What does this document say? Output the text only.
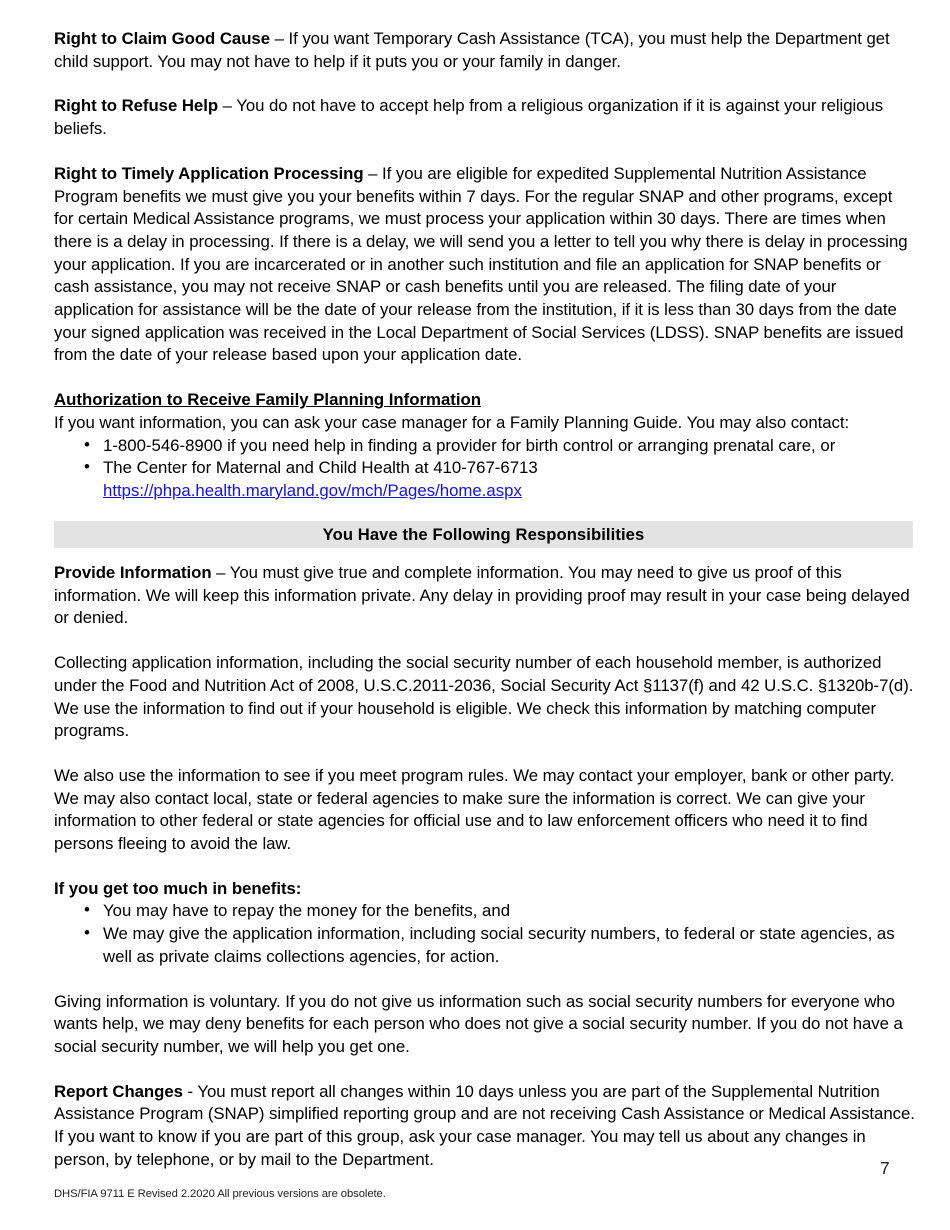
Right to Claim Good Cause – If you want Temporary Cash Assistance (TCA), you must help the Department get child support. You may not have to help if it puts you or your family in danger.

Right to Refuse Help – You do not have to accept help from a religious organization if it is against your religious beliefs.

Right to Timely Application Processing – If you are eligible for expedited Supplemental Nutrition Assistance Program benefits we must give you your benefits within 7 days. For the regular SNAP and other programs, except for certain Medical Assistance programs, we must process your application within 30 days. There are times when there is a delay in processing. If there is a delay, we will send you a letter to tell you why there is delay in processing your application. If you are incarcerated or in another such institution and file an application for SNAP benefits or cash assistance, you may not receive SNAP or cash benefits until you are released. The filing date of your application for assistance will be the date of your release from the institution, if it is less than 30 days from the date your signed application was received in the Local Department of Social Services (LDSS). SNAP benefits are issued from the date of your release based upon your application date.

Authorization to Receive Family Planning Information

If you want information, you can ask your case manager for a Family Planning Guide. You may also contact:

• 1-800-546-8900 if you need help in finding a provider for birth control or arranging prenatal care, or
• The Center for Maternal and Child Health at 410-767-6713
https://phpa.health.maryland.gov/mch/Pages/home.aspx
You Have the Following Responsibilities

Provide Information – You must give true and complete information. You may need to give us proof of this information. We will keep this information private. Any delay in providing proof may result in your case being delayed or denied.

Collecting application information, including the social security number of each household member, is authorized under the Food and Nutrition Act of 2008, U.S.C.2011-2036, Social Security Act §1137(f) and 42 U.S.C. §1320b-7(d). We use the information to find out if your household is eligible. We check this information by matching computer programs.

We also use the information to see if you meet program rules. We may contact your employer, bank or other party. We may also contact local, state or federal agencies to make sure the information is correct. We can give your information to other federal or state agencies for official use and to law enforcement officers who need it to find persons fleeing to avoid the law.

If you get too much in benefits:

• You may have to repay the money for the benefits, and
• We may give the application information, including social security numbers, to federal or state agencies, as well as private claims collections agencies, for action.

Giving information is voluntary. If you do not give us information such as social security numbers for everyone who wants help, we may deny benefits for each person who does not give a social security number. If you do not have a social security number, we will help you get one.

Report Changes - You must report all changes within 10 days unless you are part of the Supplemental Nutrition Assistance Program (SNAP) simplified reporting group and are not receiving Cash Assistance or Medical Assistance. If you want to know if you are part of this group, ask your case manager. You may tell us about any changes in person, by telephone, or by mail to the Department.	7
DHS/FIA 9711 E Revised 2.2020 All previous versions are obsolete.
